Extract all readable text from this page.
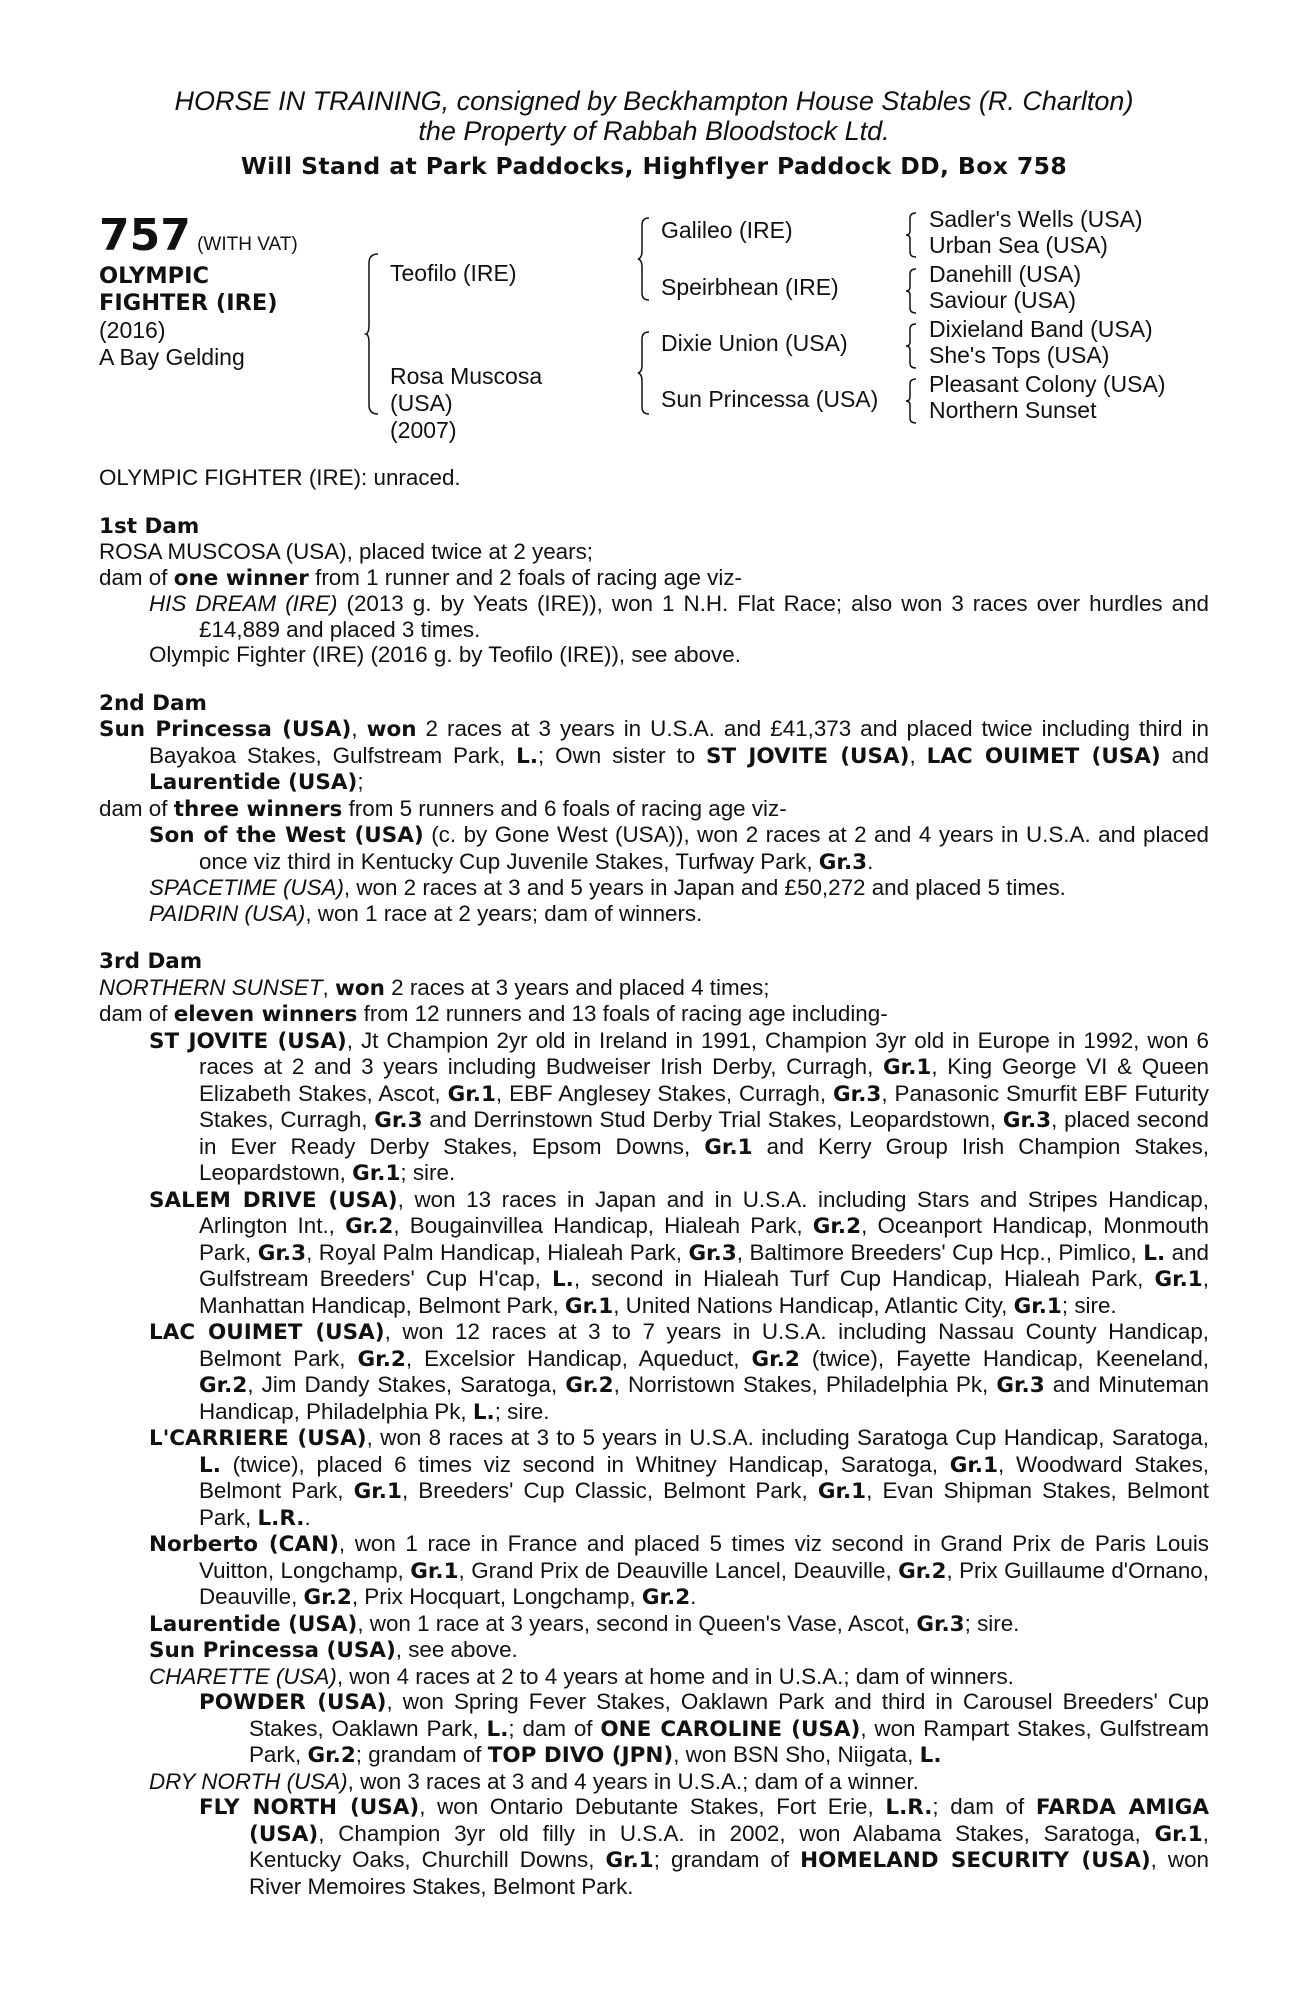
HORSE IN TRAINING, consigned by Beckhampton House Stables (R. Charlton)
the Property of Rabbah Bloodstock Ltd.
Will Stand at Park Paddocks, Highflyer Paddock DD, Box 758
757 (WITH VAT)
OLYMPIC
FIGHTER (IRE)
(2016)
A Bay Gelding
Teofilo (IRE)
Rosa Muscosa
(USA)
(2007)
Galileo (IRE)
Speirbhean (IRE)
Dixie Union (USA)
Sun Princessa (USA)
Sadler's Wells (USA)
Urban Sea (USA)
Danehill (USA)
Saviour (USA)
Dixieland Band (USA)
She's Tops (USA)
Pleasant Colony (USA)
Northern Sunset

OLYMPIC FIGHTER (IRE): unraced.

1st Dam

ROSA MUSCOSA (USA), placed twice at 2 years;

dam of one winner from 1 runner and 2 foals of racing age viz-

HIS DREAM (IRE) (2013 g. by Yeats (IRE)), won 1 N.H. Flat Race; also won 3 races over hurdles and £14,889 and placed 3 times.

Olympic Fighter (IRE) (2016 g. by Teofilo (IRE)), see above.

2nd Dam

Sun Princessa (USA), won 2 races at 3 years in U.S.A. and £41,373 and placed twice including third in Bayakoa Stakes, Gulfstream Park, L.; Own sister to ST JOVITE (USA), LAC OUIMET (USA) and Laurentide (USA);

dam of three winners from 5 runners and 6 foals of racing age viz-

Son of the West (USA) (c. by Gone West (USA)), won 2 races at 2 and 4 years in U.S.A. and placed once viz third in Kentucky Cup Juvenile Stakes, Turfway Park, Gr.3.

SPACETIME (USA), won 2 races at 3 and 5 years in Japan and £50,272 and placed 5 times.

PAIDRIN (USA), won 1 race at 2 years; dam of winners.

3rd Dam

NORTHERN SUNSET, won 2 races at 3 years and placed 4 times;

dam of eleven winners from 12 runners and 13 foals of racing age including-

ST JOVITE (USA), Jt Champion 2yr old in Ireland in 1991, Champion 3yr old in Europe in 1992, won 6 races at 2 and 3 years including Budweiser Irish Derby, Curragh, Gr.1, King George VI & Queen Elizabeth Stakes, Ascot, Gr.1, EBF Anglesey Stakes, Curragh, Gr.3, Panasonic Smurfit EBF Futurity Stakes, Curragh, Gr.3 and Derrinstown Stud Derby Trial Stakes, Leopardstown, Gr.3, placed second in Ever Ready Derby Stakes, Epsom Downs, Gr.1 and Kerry Group Irish Champion Stakes, Leopardstown, Gr.1; sire.

SALEM DRIVE (USA), won 13 races in Japan and in U.S.A. including Stars and Stripes Handicap, Arlington Int., Gr.2, Bougainvillea Handicap, Hialeah Park, Gr.2, Oceanport Handicap, Monmouth Park, Gr.3, Royal Palm Handicap, Hialeah Park, Gr.3, Baltimore Breeders' Cup Hcp., Pimlico, L. and Gulfstream Breeders' Cup H'cap, L., second in Hialeah Turf Cup Handicap, Hialeah Park, Gr.1, Manhattan Handicap, Belmont Park, Gr.1, United Nations Handicap, Atlantic City, Gr.1; sire.

LAC OUIMET (USA), won 12 races at 3 to 7 years in U.S.A. including Nassau County Handicap, Belmont Park, Gr.2, Excelsior Handicap, Aqueduct, Gr.2 (twice), Fayette Handicap, Keeneland, Gr.2, Jim Dandy Stakes, Saratoga, Gr.2, Norristown Stakes, Philadelphia Pk, Gr.3 and Minuteman Handicap, Philadelphia Pk, L.; sire.

L'CARRIERE (USA), won 8 races at 3 to 5 years in U.S.A. including Saratoga Cup Handicap, Saratoga, L. (twice), placed 6 times viz second in Whitney Handicap, Saratoga, Gr.1, Woodward Stakes, Belmont Park, Gr.1, Breeders' Cup Classic, Belmont Park, Gr.1, Evan Shipman Stakes, Belmont Park, L.R..

Norberto (CAN), won 1 race in France and placed 5 times viz second in Grand Prix de Paris Louis Vuitton, Longchamp, Gr.1, Grand Prix de Deauville Lancel, Deauville, Gr.2, Prix Guillaume d'Ornano, Deauville, Gr.2, Prix Hocquart, Longchamp, Gr.2.

Laurentide (USA), won 1 race at 3 years, second in Queen's Vase, Ascot, Gr.3; sire.

Sun Princessa (USA), see above.

CHARETTE (USA), won 4 races at 2 to 4 years at home and in U.S.A.; dam of winners.

POWDER (USA), won Spring Fever Stakes, Oaklawn Park and third in Carousel Breeders' Cup Stakes, Oaklawn Park, L.; dam of ONE CAROLINE (USA), won Rampart Stakes, Gulfstream Park, Gr.2; grandam of TOP DIVO (JPN), won BSN Sho, Niigata, L.

DRY NORTH (USA), won 3 races at 3 and 4 years in U.S.A.; dam of a winner.

FLY NORTH (USA), won Ontario Debutante Stakes, Fort Erie, L.R.; dam of FARDA AMIGA (USA), Champion 3yr old filly in U.S.A. in 2002, won Alabama Stakes, Saratoga, Gr.1, Kentucky Oaks, Churchill Downs, Gr.1; grandam of HOMELAND SECURITY (USA), won River Memoires Stakes, Belmont Park.
